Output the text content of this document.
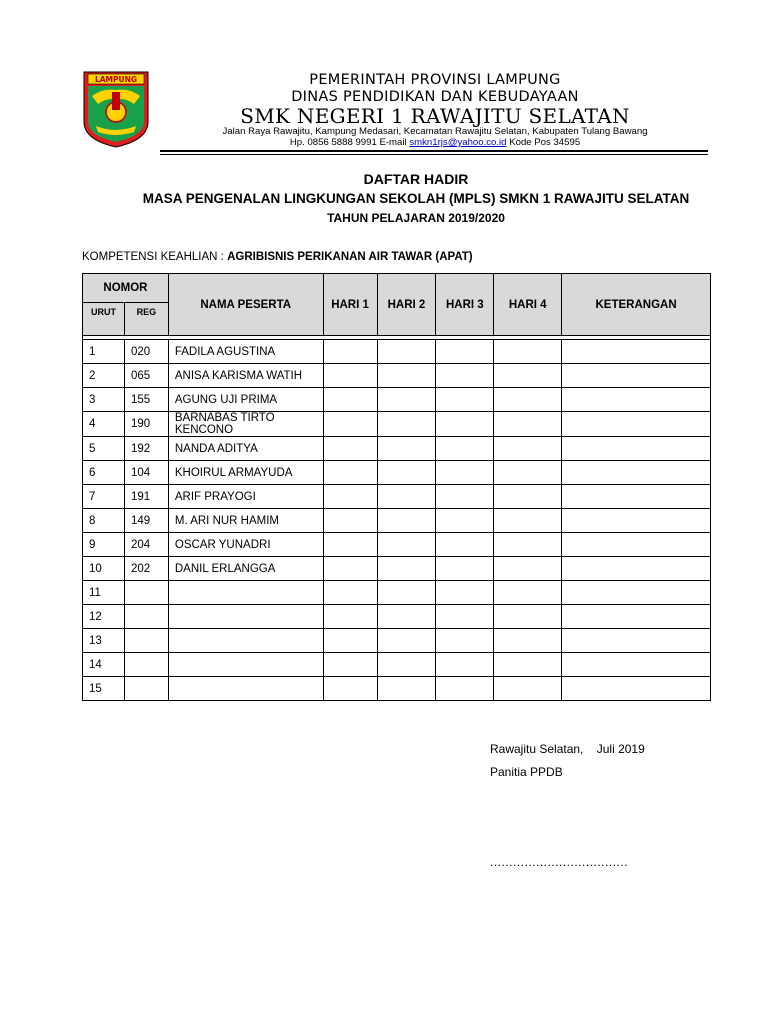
LAMPUNG	PEMERINTAH PROVINSI LAMPUNG
DINAS PENDIDIKAN DAN KEBUDAYAAN
SMK NEGERI 1 RAWAJITU SELATAN
Jalan Raya Rawajitu, Kampung Medasari, Kecamatan Rawajitu Selatan, Kabupaten Tulang Bawang
Hp. 0856 5888 9991 E-mail smkn1rjs@yahoo.co.id Kode Pos 34595
DAFTAR HADIR
MASA PENGENALAN LINGKUNGAN SEKOLAH (MPLS) SMKN 1 RAWAJITU SELATAN
TAHUN PELAJARAN 2019/2020
KOMPETENSI KEAHLIAN : AGRIBISNIS PERIKANAN AIR TAWAR (APAT)
NOMOR		NAMA PESERTA	HARI 1	HARI 2	HARI 3	HARI 4	KETERANGAN
URUT	REG						

1	020	FADILA AGUSTINA					
2	065	ANISA KARISMA WATIH					
3	155	AGUNG UJI PRIMA					
4	190	BARNABAS TIRTO KENCONO					
5	192	NANDA ADITYA					
6	104	KHOIRUL ARMAYUDA					
7	191	ARIF PRAYOGI					
8	149	M. ARI NUR HAMIM					
9	204	OSCAR YUNADRI					
10	202	DANIL ERLANGGA					
11							
12							
13							
14							
15							
Rawajitu Selatan,    Juli 2019
Panitia PPDB
....................................
